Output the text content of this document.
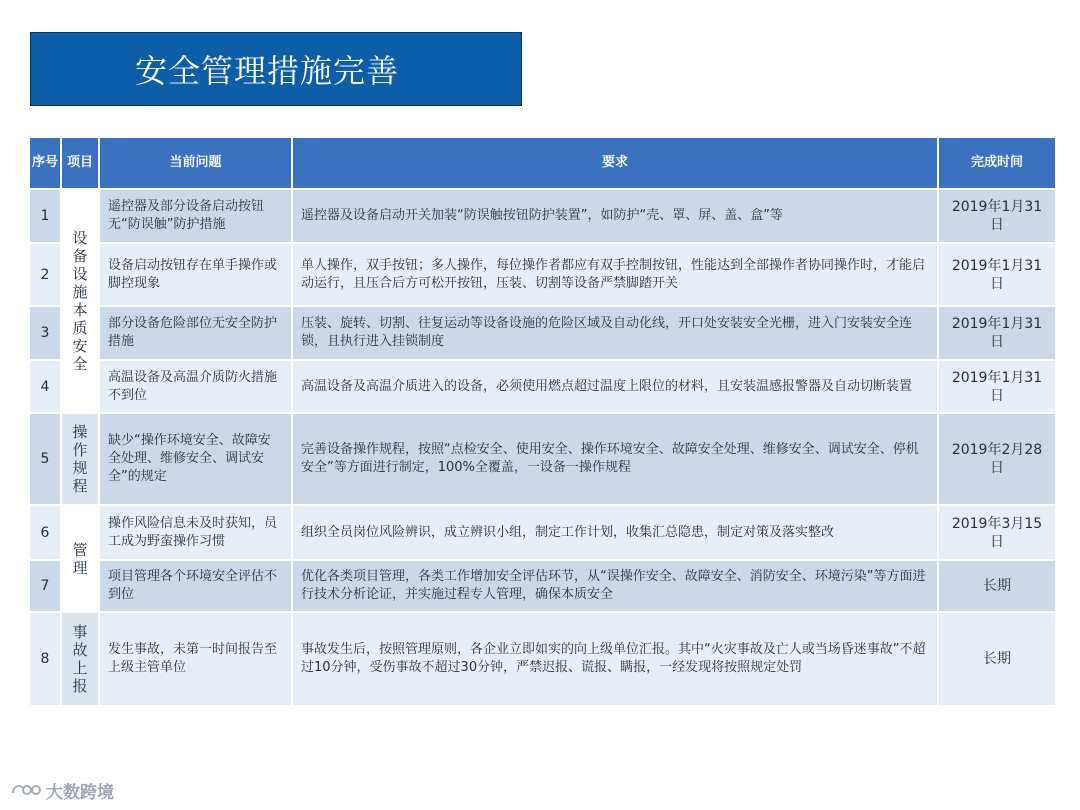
安全管理措施完善
序号	项目	当前问题	要求	完成时间
1	设备设施本质安全	遥控器及部分设备启动按钮无“防误触”防护措施	遥控器及设备启动开关加装“防误触按钮防护装置”，如防护“壳、罩、屏、盖、盒”等	2019年1月31日
2		设备启动按钮存在单手操作或脚控现象	单人操作，双手按钮；多人操作，每位操作者都应有双手控制按钮，性能达到全部操作者协同操作时，才能启动运行，且压合后方可松开按钮，压装、切割等设备严禁脚踏开关	2019年1月31日
3		部分设备危险部位无安全防护措施	压装、旋转、切割、往复运动等设备设施的危险区域及自动化线，开口处安装安全光栅，进入门安装安全连锁，且执行进入挂锁制度	2019年1月31日
4		高温设备及高温介质防火措施不到位	高温设备及高温介质进入的设备，必须使用燃点超过温度上限位的材料，且安装温感报警器及自动切断装置	2019年1月31日
5	操作规程	缺少“操作环境安全、故障安全处理、维修安全、调试安全”的规定	完善设备操作规程，按照“点检安全、使用安全、操作环境安全、故障安全处理、维修安全、调试安全、停机安全”等方面进行制定，100%全覆盖，一设备一操作规程	2019年2月28日
6	管理	操作风险信息未及时获知，员工成为野蛮操作习惯	组织全员岗位风险辨识，成立辨识小组，制定工作计划，收集汇总隐患，制定对策及落实整改	2019年3月15日
7		项目管理各个环境安全评估不到位	优化各类项目管理，各类工作增加安全评估环节，从“误操作安全、故障安全、消防安全、环境污染”等方面进行技术分析论证，并实施过程专人管理，确保本质安全	长期
8	事故上报	发生事故，未第一时间报告至上级主管单位	事故发生后，按照管理原则，各企业立即如实的向上级单位汇报。其中“火灾事故及亡人或当场昏迷事故”不超过10分钟，受伤事故不超过30分钟，严禁迟报、谎报、瞒报，一经发现将按照规定处罚	长期
大数跨境
